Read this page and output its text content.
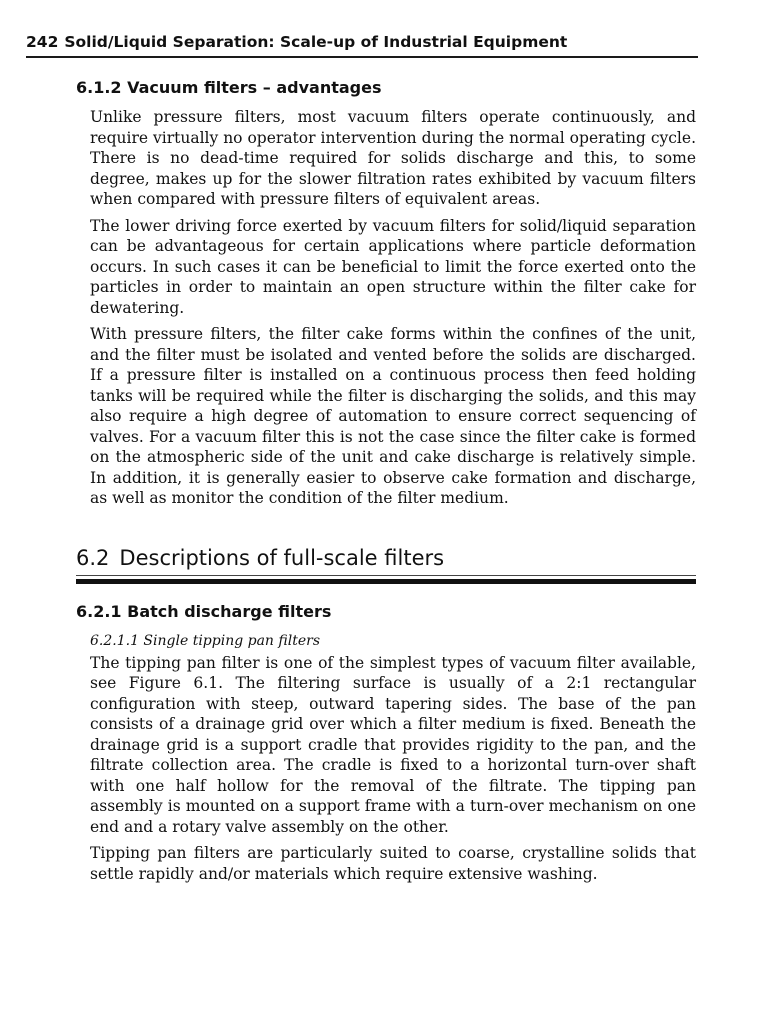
242 Solid/Liquid Separation: Scale-up of Industrial Equipment
6.1.2 Vacuum filters – advantages

Unlike pressure filters, most vacuum filters operate continuously, and require virtually no operator intervention during the normal operating cycle. There is no dead-time required for solids discharge and this, to some degree, makes up for the slower filtration rates exhibited by vacuum filters when compared with pressure filters of equivalent areas.

The lower driving force exerted by vacuum filters for solid/liquid separation can be advantageous for certain applications where particle deformation occurs. In such cases it can be beneficial to limit the force exerted onto the particles in order to maintain an open structure within the filter cake for dewatering.

With pressure filters, the filter cake forms within the confines of the unit, and the filter must be isolated and vented before the solids are discharged. If a pressure filter is installed on a continuous process then feed holding tanks will be required while the filter is discharging the solids, and this may also require a high degree of automation to ensure correct sequencing of valves. For a vacuum filter this is not the case since the filter cake is formed on the atmospheric side of the unit and cake discharge is relatively simple. In addition, it is generally easier to observe cake formation and discharge, as well as monitor the condition of the filter medium.

6.2 Descriptions of full-scale filters
6.2.1 Batch discharge filters
6.2.1.1 Single tipping pan filters

The tipping pan filter is one of the simplest types of vacuum filter available, see Figure 6.1. The filtering surface is usually of a 2:1 rectangular configuration with steep, outward tapering sides. The base of the pan consists of a drainage grid over which a filter medium is fixed. Beneath the drainage grid is a support cradle that provides rigidity to the pan, and the filtrate collection area. The cradle is fixed to a horizontal turn-over shaft with one half hollow for the removal of the filtrate. The tipping pan assembly is mounted on a support frame with a turn-over mechanism on one end and a rotary valve assembly on the other.

Tipping pan filters are particularly suited to coarse, crystalline solids that settle rapidly and/or materials which require extensive washing.
